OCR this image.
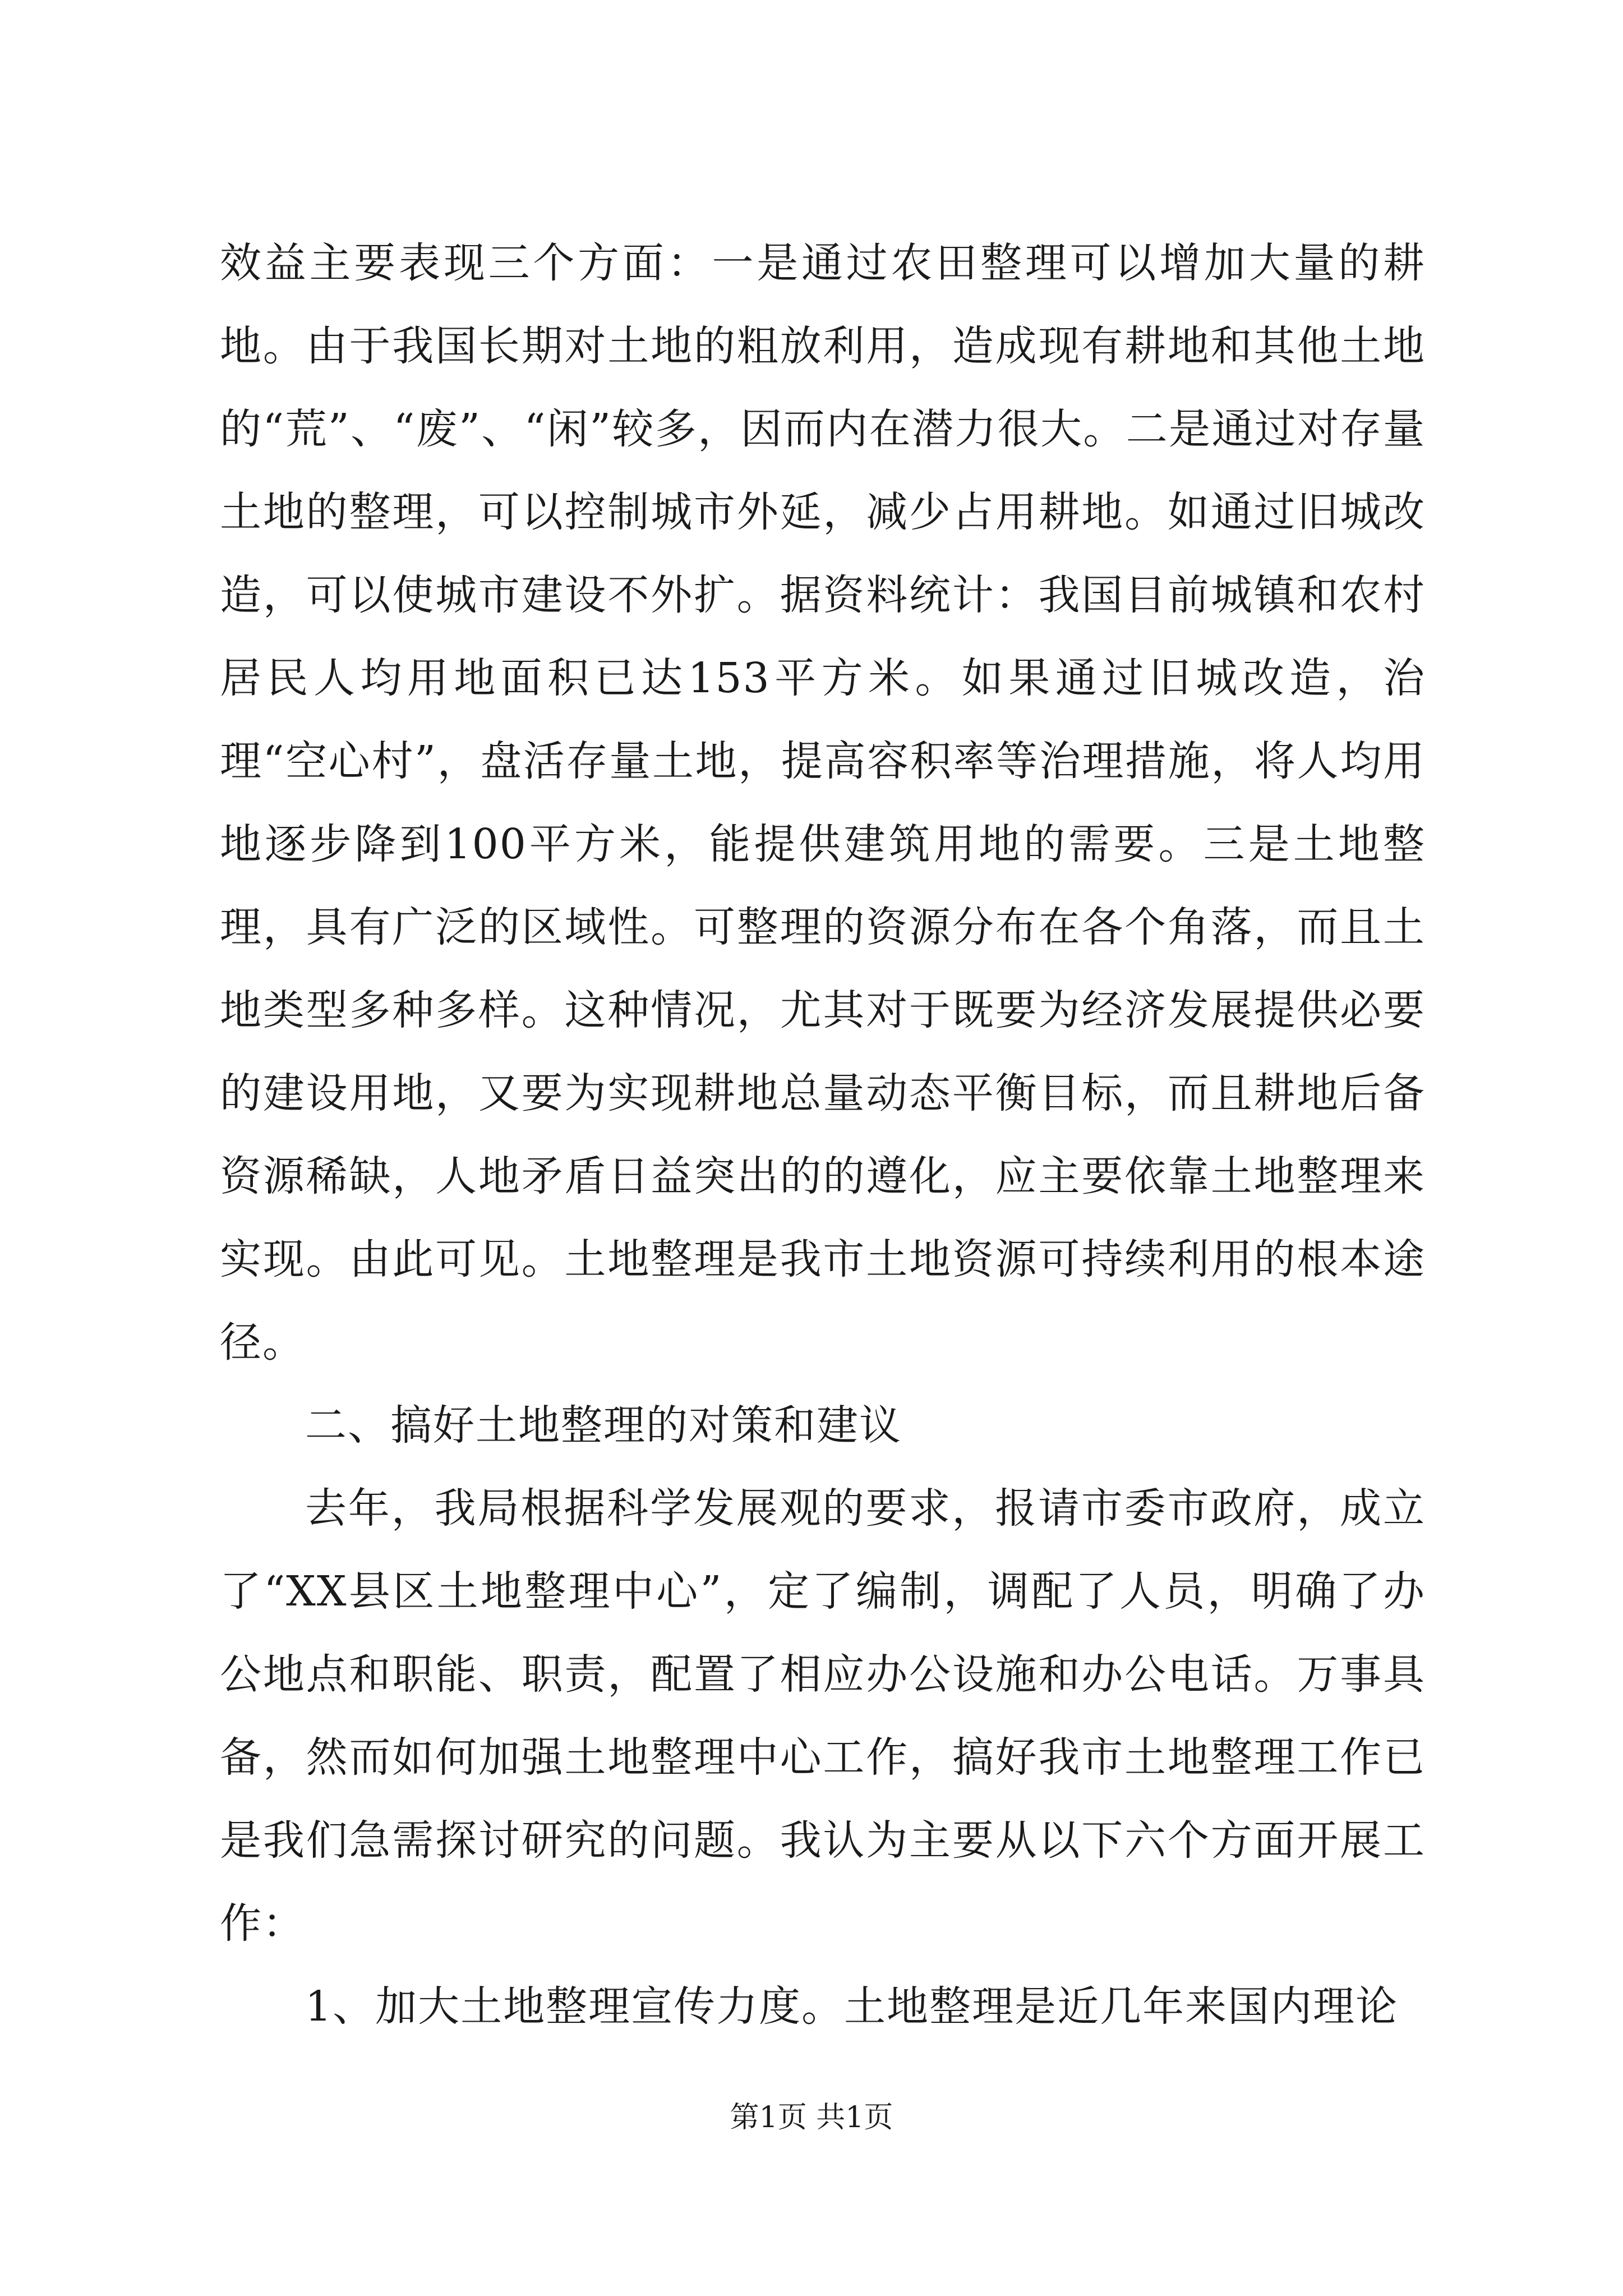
效益主要表现三个方面：一是通过农田整理可以增加大量的耕地。由于我国长期对土地的粗放利用，造成现有耕地和其他土地的“荒”、“废”、“闲”较多，因而内在潜力很大。二是通过对存量土地的整理，可以控制城市外延，减少占用耕地。如通过旧城改造，可以使城市建设不外扩。据资料统计：我国目前城镇和农村居民人均用地面积已达153平方米。如果通过旧城改造，治理“空心村”，盘活存量土地，提高容积率等治理措施，将人均用地逐步降到100平方米，能提供建筑用地的需要。三是土地整理，具有广泛的区域性。可整理的资源分布在各个角落，而且土地类型多种多样。这种情况，尤其对于既要为经济发展提供必要的建设用地，又要为实现耕地总量动态平衡目标，而且耕地后备资源稀缺，人地矛盾日益突出的的遵化，应主要依靠土地整理来实现。由此可见。土地整理是我市土地资源可持续利用的根本途径。

二、搞好土地整理的对策和建议

去年，我局根据科学发展观的要求，报请市委市政府，成立了“XX县区土地整理中心”，定了编制，调配了人员，明确了办公地点和职能、职责，配置了相应办公设施和办公电话。万事具备，然而如何加强土地整理中心工作，搞好我市土地整理工作已是我们急需探讨研究的问题。我认为主要从以下六个方面开展工作：

1、加大土地整理宣传力度。土地整理是近几年来国内理论

第1页 共1页
